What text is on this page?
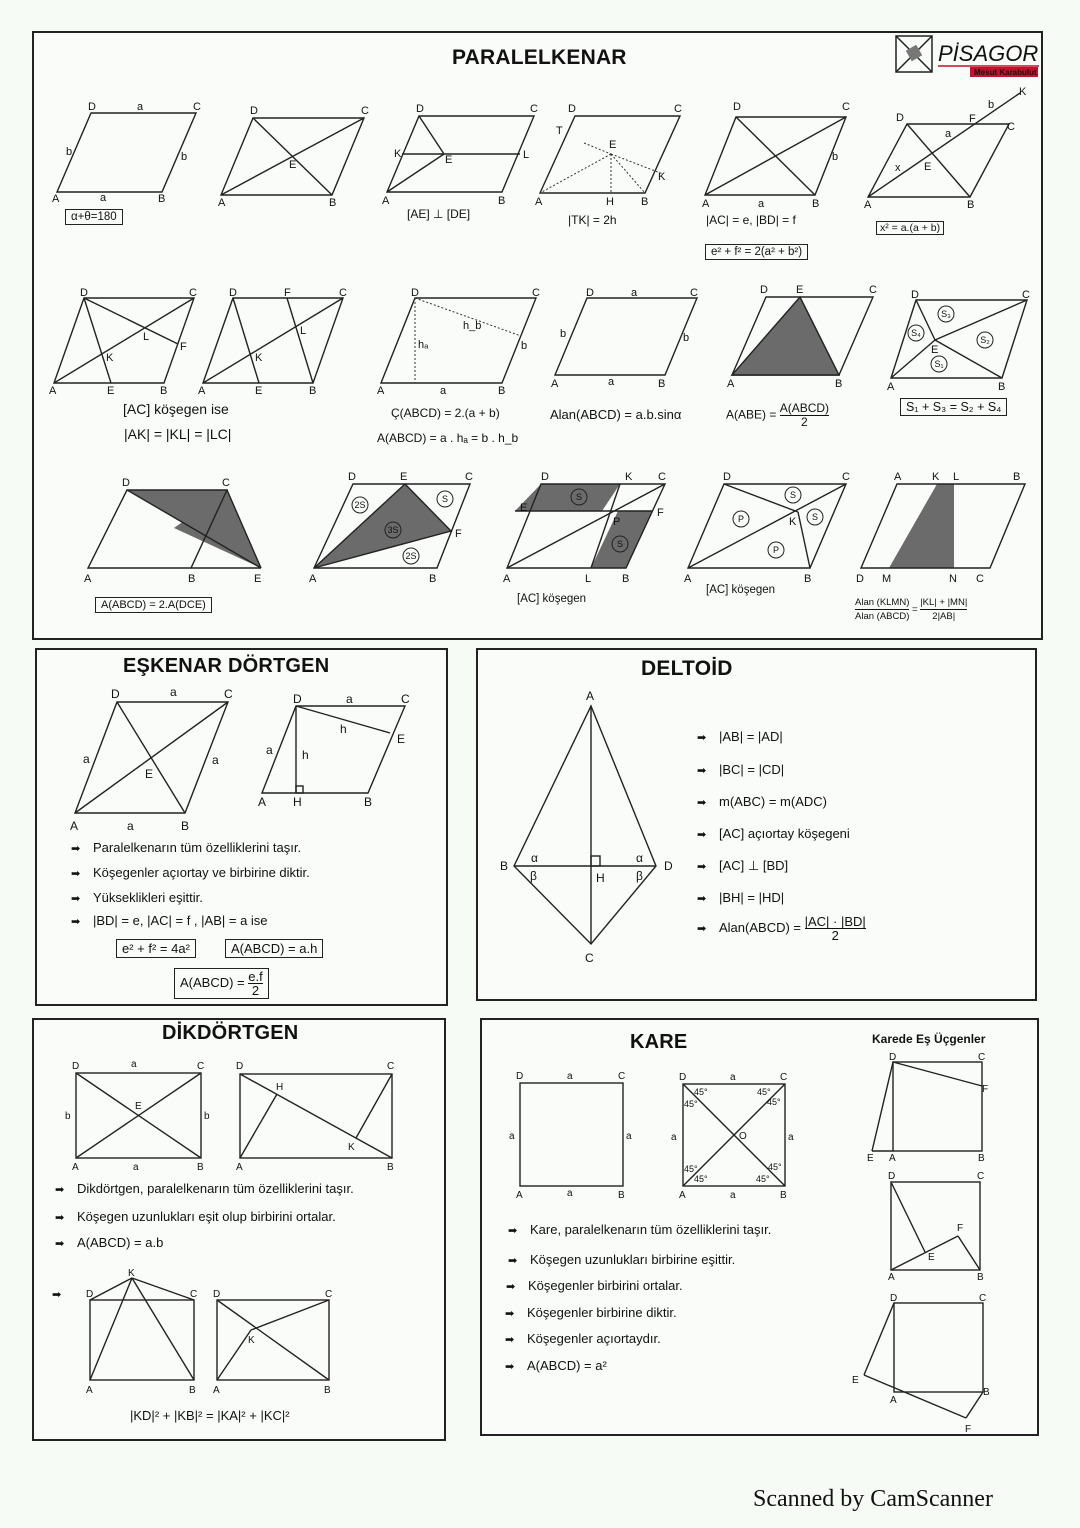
PARALELKENAR	PİSAGOR
Mesut Karabulut
D	C
A	B
a
a
b	b
D	C
A	B
E
D	C
A	B
K	L
E
D	C
T
A	H B
K
E
D	C
A	B
a
b
D
C
A	B
K
F
E
x
a
b
D	C
A	E	B
K
L
F
D	F	C
A	E	B
K
L
D	C
A	B
a
b
hₐ
h_b
D	C
A	B
a
a
b	b
D	E	C
A	B
D	C
A	B
E
D	C
A	B	E
D	E	C
A	B
F
D	K C
E	F
P
A	L	B
D	C
A	B
K
A	K L	B
D M	N C
2S
S
3S
2S
S
S
S
S
P
P
S₃
S₄
S₂
S₁
α+θ=180	[AE] ⊥ [DE]	|TK| = 2h	|AC| = e, |BD| = f
e² + f² = 2(a² + b²)
x² = a.(a + b)
[AC] köşegen ise
|AK| = |KL| = |LC|
Ç(ABCD) = 2.(a + b)
A(ABCD) = a . hₐ = b . h_b
Alan(ABCD) = a.b.sinα	$A(ABE) = \frac{\text{A(ABCD)}}{2}$	S₁ + S₃ = S₂ + S₄
A(ABCD) = 2.A(DCE)	[AC] köşegen
[AC] köşegen
$\frac{\text{Alan (KLMN)}}{\text{Alan (ABCD)}} = \frac{|KL| + |MN|}{2|AB|}$
EŞKENAR DÖRTGEN
D	C
A	B
a
a
a	a
E
D	C
a
A H	B
E
h
h
a
➡ Paralelkenarın tüm özelliklerini taşır.
➡ Köşegenler açıortay ve birbirine diktir.
➡ Yükseklikleri eşittir.
➡ |BD| = e, |AC| = f , |AB| = a ise
e² + f² = 4a²	A(ABCD) = a.h
A(ABCD) = $\frac{e.f}{2}$
DELTOİD
A
B	D
C
H
α	α
β	β
➡ |AB| = |AD|
➡ |BC| = |CD|
➡ m(ABC) = m(ADC)
➡ [AC] açıortay köşegeni
➡ [AC] ⊥ [BD]
➡ |BH| = |HD|
➡ Alan(ABCD) = $\frac{|AC| \cdot |BD|}{2}$
DİKDÖRTGEN
D	C
A	B
a
a
b	b
E
D	C
A	B
H
K
K
D	C
A	B
D	C
A	B
K
➡ Dikdörtgen, paralelkenarın tüm özelliklerini taşır.
➡ Köşegen uzunlukları eşit olup birbirini ortalar.
➡ A(ABCD) = a.b
➡
|KD|² + |KB|² = |KA|² + |KC|²
KARE	Karede Eş Üçgenler
D	C
A	B
a
a
a	a
D	C
A	B
a
a
a	a
O
45°
45°
45°
45°
45°
45°
45°
45°
D	C
E A	B
F
D	C
A	B
E
F
D	C
E
A
B
F
➡ Kare, paralelkenarın tüm özelliklerini taşır.
➡ Köşegen uzunlukları birbirine eşittir.
➡ Köşegenler birbirini ortalar.
➡ Köşegenler birbirine diktir.
➡ Köşegenler açıortaydır.
➡ A(ABCD) = a²
Scanned by CamScanner
